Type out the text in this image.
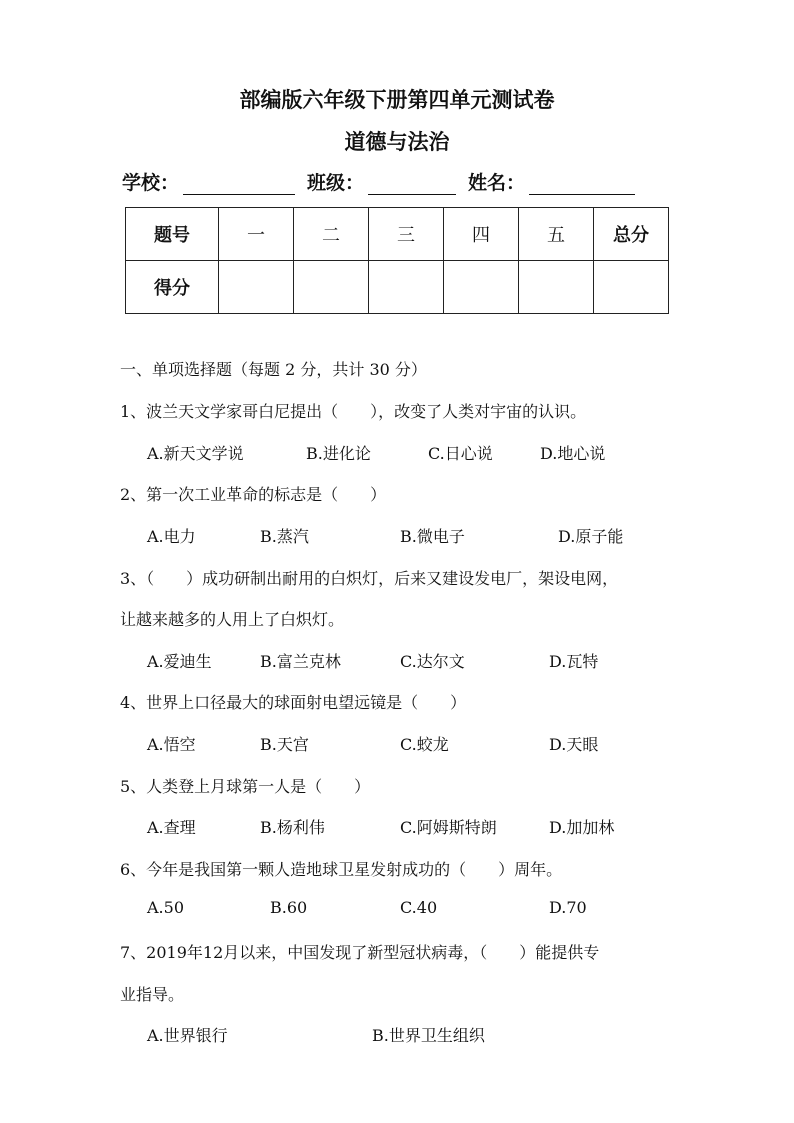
部编版六年级下册第四单元测试卷
道德与法治
学校：	班级：	姓名：
题号	一	二	三	四	五	总分
得分						
一、单项选择题（每题 2 分，共计 30 分）
1、波兰天文学家哥白尼提出（　　），改变了人类对宇宙的认识。
A.新天文学说	B.进化论	C.日心说	D.地心说
2、第一次工业革命的标志是（　　）
A.电力	B.蒸汽	B.微电子	D.原子能
3、（　　）成功研制出耐用的白炽灯，后来又建设发电厂，架设电网，
让越来越多的人用上了白炽灯。
A.爱迪生	B.富兰克林	C.达尔文	D.瓦特
4、世界上口径最大的球面射电望远镜是（　　）
A.悟空	B.天宫	C.蛟龙	D.天眼
5、人类登上月球第一人是（　　）
A.查理	B.杨利伟	C.阿姆斯特朗	D.加加林
6、今年是我国第一颗人造地球卫星发射成功的（　　）周年。
A.50	B.60	C.40	D.70
7、2019年12月以来，中国发现了新型冠状病毒，（　　）能提供专
业指导。
A.世界银行	B.世界卫生组织
